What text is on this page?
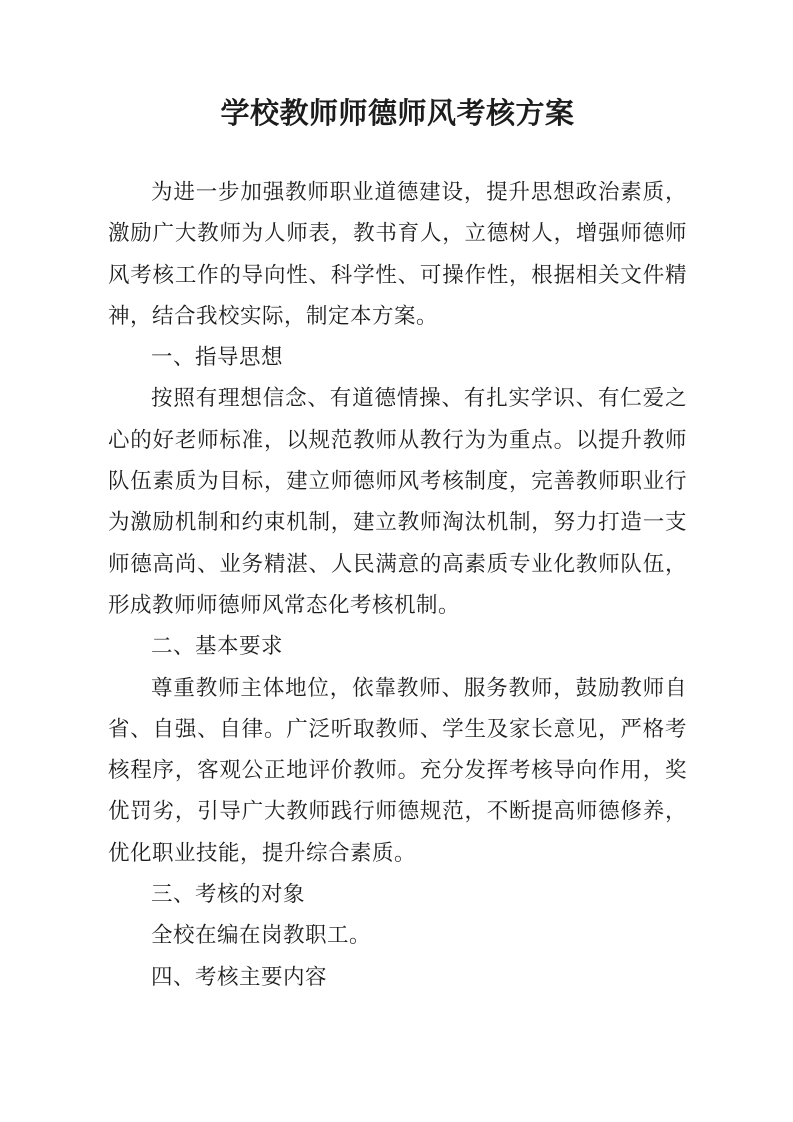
学校教师师德师风考核方案

为进一步加强教师职业道德建设，提升思想政治素质，激励广大教师为人师表，教书育人，立德树人，增强师德师风考核工作的导向性、科学性、可操作性，根据相关文件精神，结合我校实际，制定本方案。

一、指导思想

按照有理想信念、有道德情操、有扎实学识、有仁爱之心的好老师标准，以规范教师从教行为为重点。以提升教师队伍素质为目标，建立师德师风考核制度，完善教师职业行为激励机制和约束机制，建立教师淘汰机制，努力打造一支师德高尚、业务精湛、人民满意的高素质专业化教师队伍，形成教师师德师风常态化考核机制。

二、基本要求

尊重教师主体地位，依靠教师、服务教师，鼓励教师自省、自强、自律。广泛听取教师、学生及家长意见，严格考核程序，客观公正地评价教师。充分发挥考核导向作用，奖优罚劣，引导广大教师践行师德规范，不断提高师德修养，优化职业技能，提升综合素质。

三、考核的对象

全校在编在岗教职工。

四、考核主要内容
